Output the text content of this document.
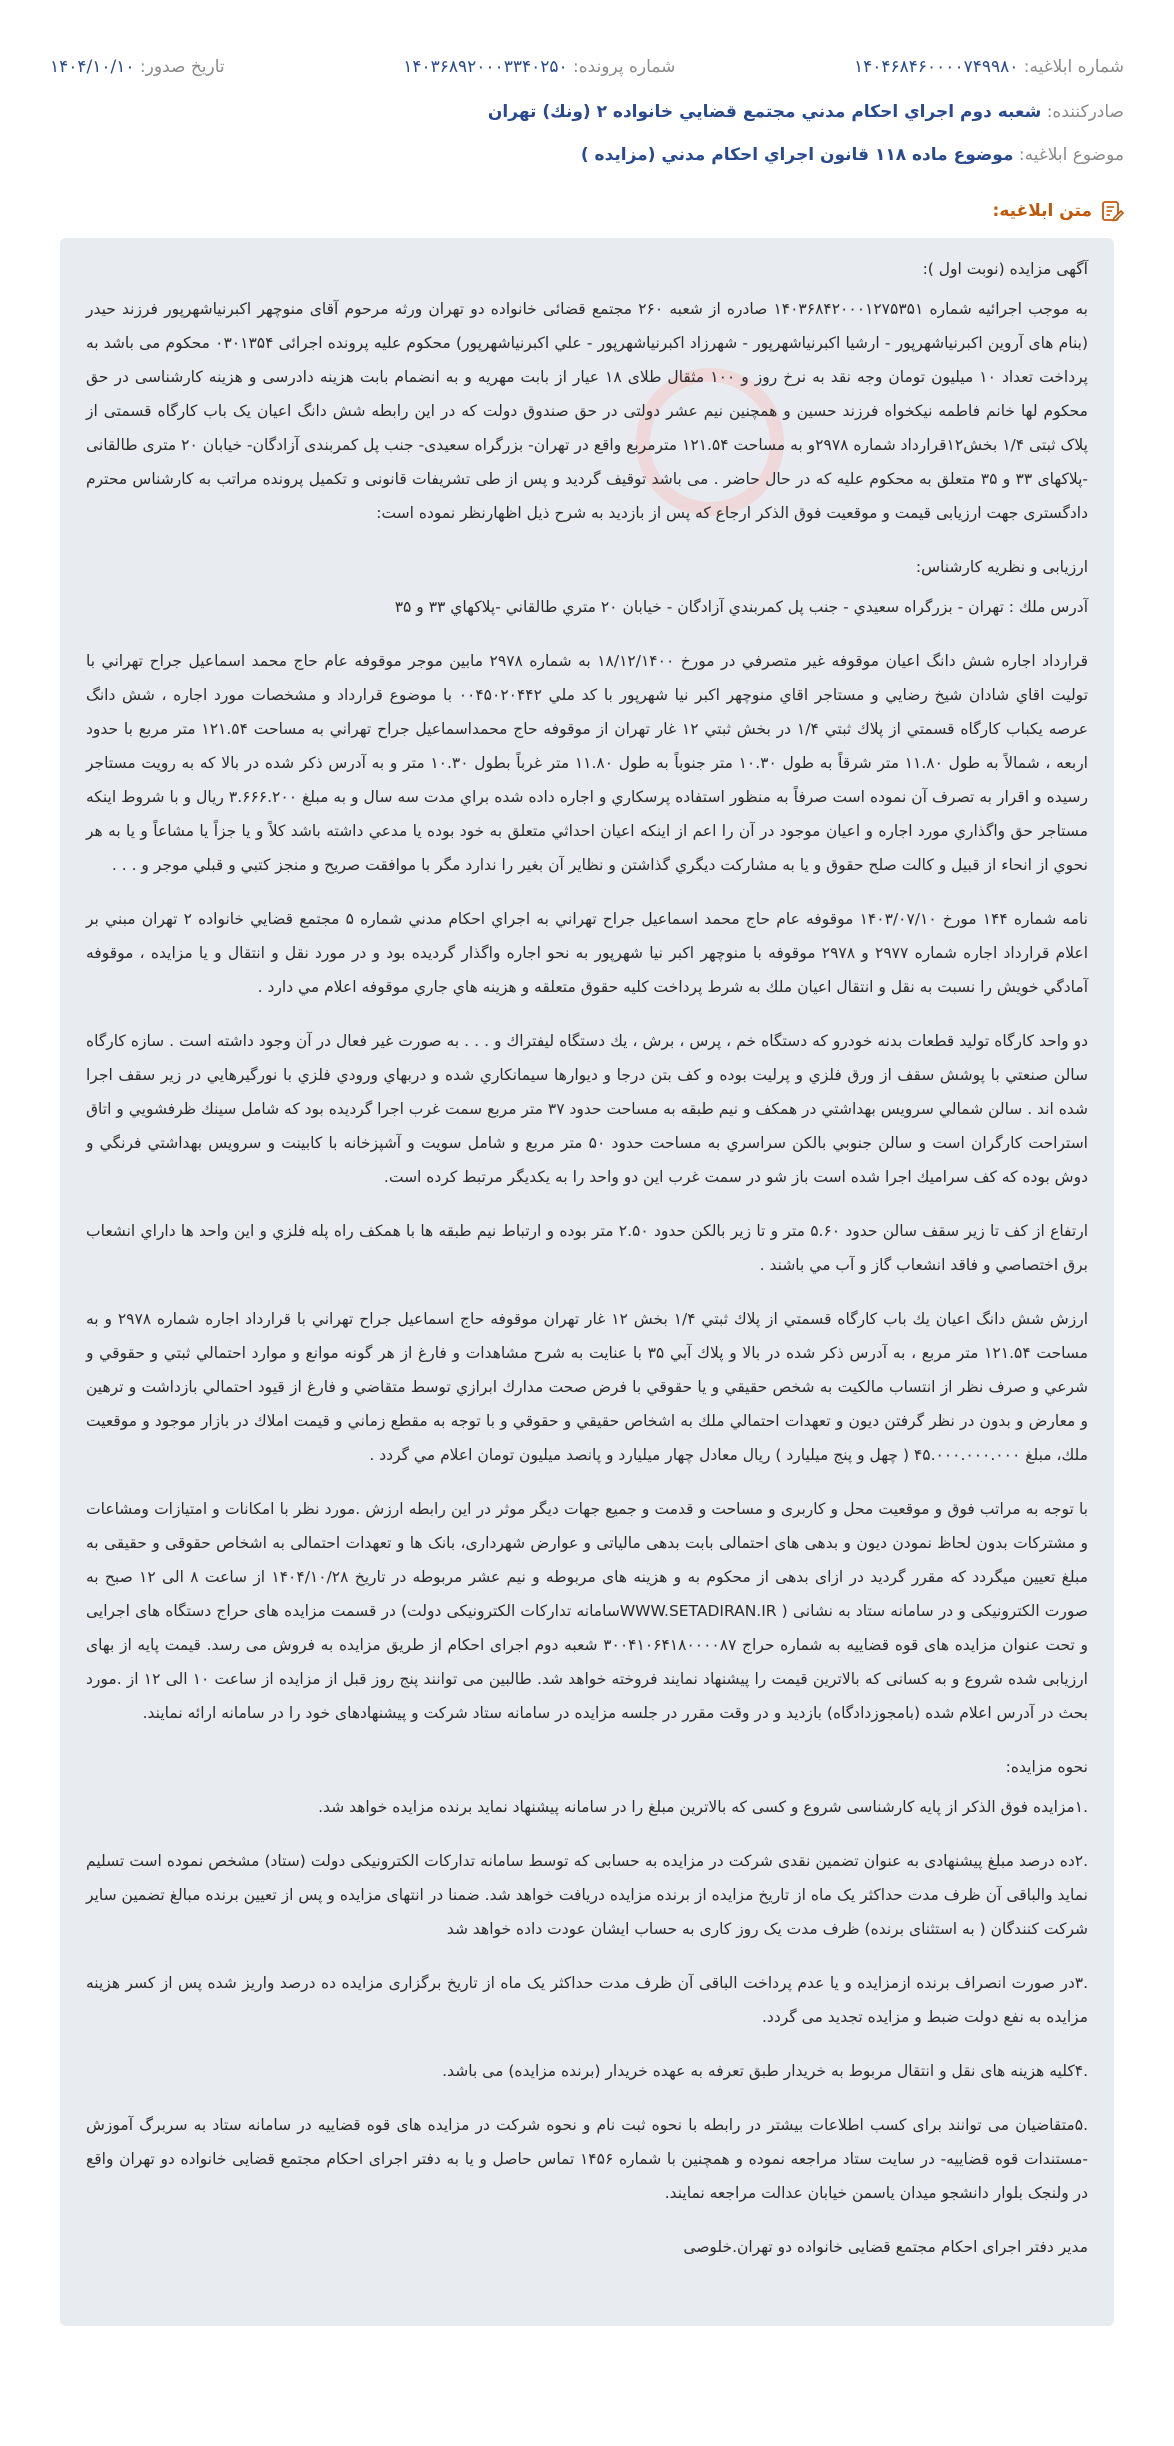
شماره ابلاغیه: ۱۴۰۴۶۸۴۶۰۰۰۰۷۴۹۹۸۰
شماره پرونده: ۱۴۰۳۶۸۹۲۰۰۰۳۳۴۰۲۵۰
تاریخ صدور: ۱۴۰۴/۱۰/۱۰
صادرکننده: شعبه دوم اجراي احكام مدني مجتمع قضايي خانواده ٢ (ونك) تهران
موضوع ابلاغیه: موضوع ماده ۱۱۸ قانون اجراي احكام مدني (مزايده )
متن ابلاغیه:

آگهی مزایده (نوبت اول ):

به موجب اجرائیه شماره ۱۴۰۳۶۸۴۲۰۰۰۱۲۷۵۳۵۱ صادره از شعبه ۲۶۰ مجتمع قضائی خانواده دو تهران ورثه مرحوم آقای منوچهر اکبرنیاشهرپور فرزند حیدر (بنام های آروین اکبرنیاشهرپور - ارشیا اکبرنیاشهرپور - شهرزاد اکبرنیاشهرپور - علي اكبرنياشهرپور) محکوم علیه پرونده اجرائی ۰۳۰۱۳۵۴ محکوم می باشد به پرداخت تعداد ۱۰ میلیون تومان وجه نقد به نرخ روز و ۱۰۰ مثقال طلای ۱۸ عیار از بابت مهریه و به انضمام بابت هزینه دادرسی و هزینه کارشناسی در حق محکوم لها خانم فاطمه نیکخواه فرزند حسین و همچنین نیم عشر دولتی در حق صندوق دولت که در این رابطه شش دانگ اعیان یک باب کارگاه قسمتی از پلاک ثبتی ۱/۴ بخش۱۲قرارداد شماره ۲۹۷۸و به مساحت ۱۲۱.۵۴ مترمربع واقع در تهران- بزرگراه سعیدی- جنب پل کمربندی آزادگان- خیابان ۲۰ متری طالقانی -پلاکهای ۳۳ و ۳۵ متعلق به محکوم علیه که در حال حاضر . می باشد توقیف گردید و پس از طی تشریفات قانونی و تکمیل پرونده مراتب به کارشناس محترم دادگستری جهت ارزیابی قیمت و موقعیت فوق الذکر ارجاع که پس از بازدید به شرح ذیل اظهارنظر نموده است:

ارزیابی و نظریه کارشناس:

آدرس ملك : تهران - بزرگراه سعيدي - جنب پل كمربندي آزادگان - خيابان ۲۰ متري طالقاني -پلاكهاي ۳۳ و ۳۵

قرارداد اجاره شش دانگ اعيان موقوفه غير متصرفي در مورخ ۱۸/۱۲/۱۴۰۰ به شماره ۲۹۷۸ مابين موجر موقوفه عام حاج محمد اسماعيل جراح تهراني با توليت اقاي شادان شيخ رضايي و مستاجر اقاي منوچهر اكبر نيا شهرپور با كد ملي ۰۰۴۵۰۲۰۴۴۲ با موضوع قرارداد و مشخصات مورد اجاره ، شش دانگ عرصه يكباب كارگاه قسمتي از پلاك ثبتي ۱/۴ در بخش ثبتي ۱۲ غار تهران از موقوفه حاج محمداسماعيل جراح تهراني به مساحت ۱۲۱.۵۴ متر مربع با حدود اربعه ، شمالاً به طول ۱۱.۸۰ متر شرقاً به طول ۱۰.۳۰ متر جنوباً به طول ۱۱.۸۰ متر غرباً بطول ۱۰.۳۰ متر و به آدرس ذكر شده در بالا كه به رويت مستاجر رسيده و اقرار به تصرف آن نموده است صرفاً به منظور استفاده پرسكاري و اجاره داده شده براي مدت سه سال و به مبلغ ۳.۶۶۶.۲۰۰ ريال و با شروط اينكه مستاجر حق واگذاري مورد اجاره و اعيان موجود در آن را اعم از اينكه اعيان احداثي متعلق به خود بوده يا مدعي داشته باشد كلاً و يا جزاً يا مشاعاً و يا به هر نحوي از انحاء از قبيل و كالت صلح حقوق و يا به مشاركت ديگري گذاشتن و نظاير آن بغير را ندارد مگر با موافقت صريح و منجز كتبي و قبلي موجر و . . .

نامه شماره ۱۴۴ مورخ ۱۴۰۳/۰۷/۱۰ موقوفه عام حاج محمد اسماعيل جراح تهراني به اجراي احكام مدني شماره ۵ مجتمع قضايي خانواده ۲ تهران مبني بر اعلام قرارداد اجاره شماره ۲۹۷۷ و ۲۹۷۸ موقوفه با منوچهر اكبر نيا شهرپور به نحو اجاره واگذار گرديده بود و در مورد نقل و انتقال و يا مزايده ، موقوفه آمادگي خويش را نسبت به نقل و انتقال اعيان ملك به شرط پرداخت كليه حقوق متعلقه و هزينه هاي جاري موقوفه اعلام مي دارد .

دو واحد كارگاه توليد قطعات بدنه خودرو كه دستگاه خم ، پرس ، برش ، يك دستگاه ليفتراك و . . . به صورت غير فعال در آن وجود داشته است . سازه كارگاه سالن صنعتي با پوشش سقف از ورق فلزي و پرليت بوده و كف بتن درجا و ديوارها سيمانكاري شده و دربهاي ورودي فلزي با نورگيرهايي در زير سقف اجرا شده اند . سالن شمالي سرويس بهداشتي در همكف و نيم طبقه به مساحت حدود ۳۷ متر مربع سمت غرب اجرا گرديده بود كه شامل سينك ظرفشويي و اتاق استراحت كارگران است و سالن جنوبي بالكن سراسري به مساحت حدود ۵۰ متر مربع و شامل سويت و آشپزخانه با كابينت و سرويس بهداشتي فرنگي و دوش بوده كه كف سراميك اجرا شده است باز شو در سمت غرب اين دو واحد را به يكديگر مرتبط كرده است.

ارتفاع از كف تا زير سقف سالن حدود ۵.۶۰ متر و تا زير بالكن حدود ۲.۵۰ متر بوده و ارتباط نيم طبقه ها با همكف راه پله فلزي و اين واحد ها داراي انشعاب برق اختصاصي و فاقد انشعاب گاز و آب مي باشند .

ارزش شش دانگ اعيان يك باب كارگاه قسمتي از پلاك ثبتي ۱/۴ بخش ۱۲ غار تهران موقوفه حاج اسماعيل جراح تهراني با قرارداد اجاره شماره ۲۹۷۸ و به مساحت ۱۲۱.۵۴ متر مربع ، به آدرس ذكر شده در بالا و پلاك آبي ۳۵ با عنايت به شرح مشاهدات و فارغ از هر گونه موانع و موارد احتمالي ثبتي و حقوقي و شرعي و صرف نظر از انتساب مالكيت به شخص حقيقي و يا حقوقي با فرض صحت مدارك ابرازي توسط متقاضي و فارغ از قيود احتمالي بازداشت و ترهين و معارض و بدون در نظر گرفتن ديون و تعهدات احتمالي ملك به اشخاص حقيقي و حقوقي و با توجه به مقطع زماني و قيمت املاك در بازار موجود و موقعيت ملك، مبلغ ۴۵.۰۰۰.۰۰۰.۰۰۰ ( چهل و پنج ميليارد ) ريال معادل چهار ميليارد و پانصد ميليون تومان اعلام مي گردد .

با توجه به مراتب فوق و موقعیت محل و کاربری و مساحت و قدمت و جمیع جهات دیگر موثر در این رابطه ارزش .مورد نظر با امکانات و امتیازات ومشاعات و مشترکات بدون لحاظ نمودن دیون و بدهی های احتمالی بابت بدهی مالیاتی و عوارض شهرداری، بانک ها و تعهدات احتمالی به اشخاص حقوقی و حقیقی به مبلغ تعیین میگردد که مقرر گردید در ازای بدهی از محکوم به و هزینه های مربوطه و نیم عشر مربوطه در تاریخ ۱۴۰۴/۱۰/۲۸ از ساعت ۸ الی ۱۲ صبح به صورت الکترونیکی و در سامانه ستاد به نشانی ( WWW.SETADIRAN.IRسامانه تدارکات الکترونیکی دولت) در قسمت مزایده های حراج دستگاه های اجرایی و تحت عنوان مزایده های قوه قضاییه به شماره حراج ۳۰۰۴۱۰۶۴۱۸۰۰۰۰۸۷ شعبه دوم اجرای احکام از طریق مزایده به فروش می رسد. قیمت پایه از بهای ارزیابی شده شروع و به کسانی که بالاترین قیمت را پیشنهاد نمایند فروخته خواهد شد. طالبین می توانند پنج روز قبل از مزایده از ساعت ۱۰ الی ۱۲ از .مورد بحث در آدرس اعلام شده (بامجوزدادگاه) بازدید و در وقت مقرر در جلسه مزایده در سامانه ستاد شرکت و پیشنهادهای خود را در سامانه ارائه نمایند.

نحوه مزایده:

.۱مزایده فوق الذکر از پایه کارشناسی شروع و کسی که بالاترین مبلغ را در سامانه پیشنهاد نماید برنده مزایده خواهد شد.

.۲ده درصد مبلغ پیشنهادی به عنوان تضمین نقدی شرکت در مزایده به حسابی که توسط سامانه تدارکات الکترونیکی دولت (ستاد) مشخص نموده است تسلیم نماید والباقی آن ظرف مدت حداکثر یک ماه از تاریخ مزایده از برنده مزایده دریافت خواهد شد. ضمنا در انتهای مزایده و پس از تعیین برنده مبالغ تضمین سایر شرکت کنندگان ( به استثنای برنده) ظرف مدت یک روز کاری به حساب ایشان عودت داده خواهد شد

.۳در صورت انصراف برنده ازمزایده و یا عدم پرداخت الباقی آن ظرف مدت حداکثر یک ماه از تاریخ برگزاری مزایده ده درصد واریز شده پس از کسر هزینه مزایده به نفع دولت ضبط و مزایده تجدید می گردد.

.۴کلیه هزینه های نقل و انتقال مربوط به خریدار طبق تعرفه به عهده خریدار (برنده مزایده) می باشد.

.۵متقاضیان می توانند برای کسب اطلاعات بیشتر در رابطه با نحوه ثبت نام و نحوه شرکت در مزایده های قوه قضاییه در سامانه ستاد به سربرگ آموزش -مستندات قوه قضاییه- در سایت ستاد مراجعه نموده و همچنین با شماره ۱۴۵۶ تماس حاصل و یا به دفتر اجرای احکام مجتمع قضایی خانواده دو تهران واقع در ولنجک بلوار دانشجو میدان یاسمن خیابان عدالت مراجعه نمایند.

مدیر دفتر اجرای احکام مجتمع قضایی خانواده دو تهران.خلوصی
